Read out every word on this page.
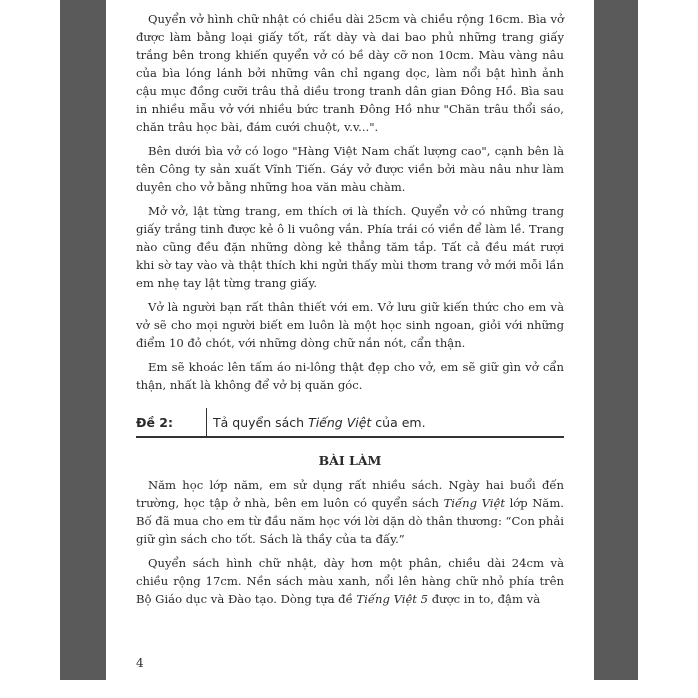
Quyển vở hình chữ nhật có chiều dài 25cm và chiều rộng 16cm. Bìa vở được làm bằng loại giấy tốt, rất dày và dai bao phủ những trang giấy trắng bên trong khiến quyển vở có bề dày cỡ non 10cm. Màu vàng nâu của bìa lóng lánh bởi những vân chỉ ngang dọc, làm nổi bật hình ảnh cậu mục đồng cưỡi trâu thả diều trong tranh dân gian Đông Hồ. Bìa sau in nhiều mẫu vở với nhiều bức tranh Đông Hồ như "Chăn trâu thổi sáo, chăn trâu học bài, đám cưới chuột, v.v...".

Bên dưới bìa vở có logo "Hàng Việt Nam chất lượng cao", cạnh bên là tên Công ty sản xuất Vĩnh Tiến. Gáy vở được viền bởi màu nâu như làm duyên cho vở bằng những hoa văn màu chàm.

Mở vở, lật từng trang, em thích ơi là thích. Quyển vở có những trang giấy trắng tinh được kẻ ô li vuông vắn. Phía trái có viền để làm lề. Trang nào cũng đều đặn những dòng kẻ thẳng tăm tắp. Tất cả đều mát rượi khi sờ tay vào và thật thích khi ngửi thấy mùi thơm trang vở mới mỗi lần em nhẹ tay lật từng trang giấy.

Vở là người bạn rất thân thiết với em. Vở lưu giữ kiến thức cho em và vở sẽ cho mọi người biết em luôn là một học sinh ngoan, giỏi với những điểm 10 đỏ chót, với những dòng chữ nắn nót, cẩn thận.

Em sẽ khoác lên tấm áo ni-lông thật đẹp cho vở, em sẽ giữ gìn vở cẩn thận, nhất là không để vở bị quăn góc.

Đề 2:	Tả quyển sách Tiếng Việt của em.
BÀI LÀM

Năm học lớp năm, em sử dụng rất nhiều sách. Ngày hai buổi đến trường, học tập ở nhà, bên em luôn có quyển sách Tiếng Việt lớp Năm. Bố đã mua cho em từ đầu năm học với lời dặn dò thân thương: “Con phải giữ gìn sách cho tốt. Sách là thầy của ta đấy.”

Quyển sách hình chữ nhật, dày hơn một phân, chiều dài 24cm và chiều rộng 17cm. Nền sách màu xanh, nổi lên hàng chữ nhỏ phía trên Bộ Giáo dục và Đào tạo. Dòng tựa đề Tiếng Việt 5 được in to, đậm và

4
